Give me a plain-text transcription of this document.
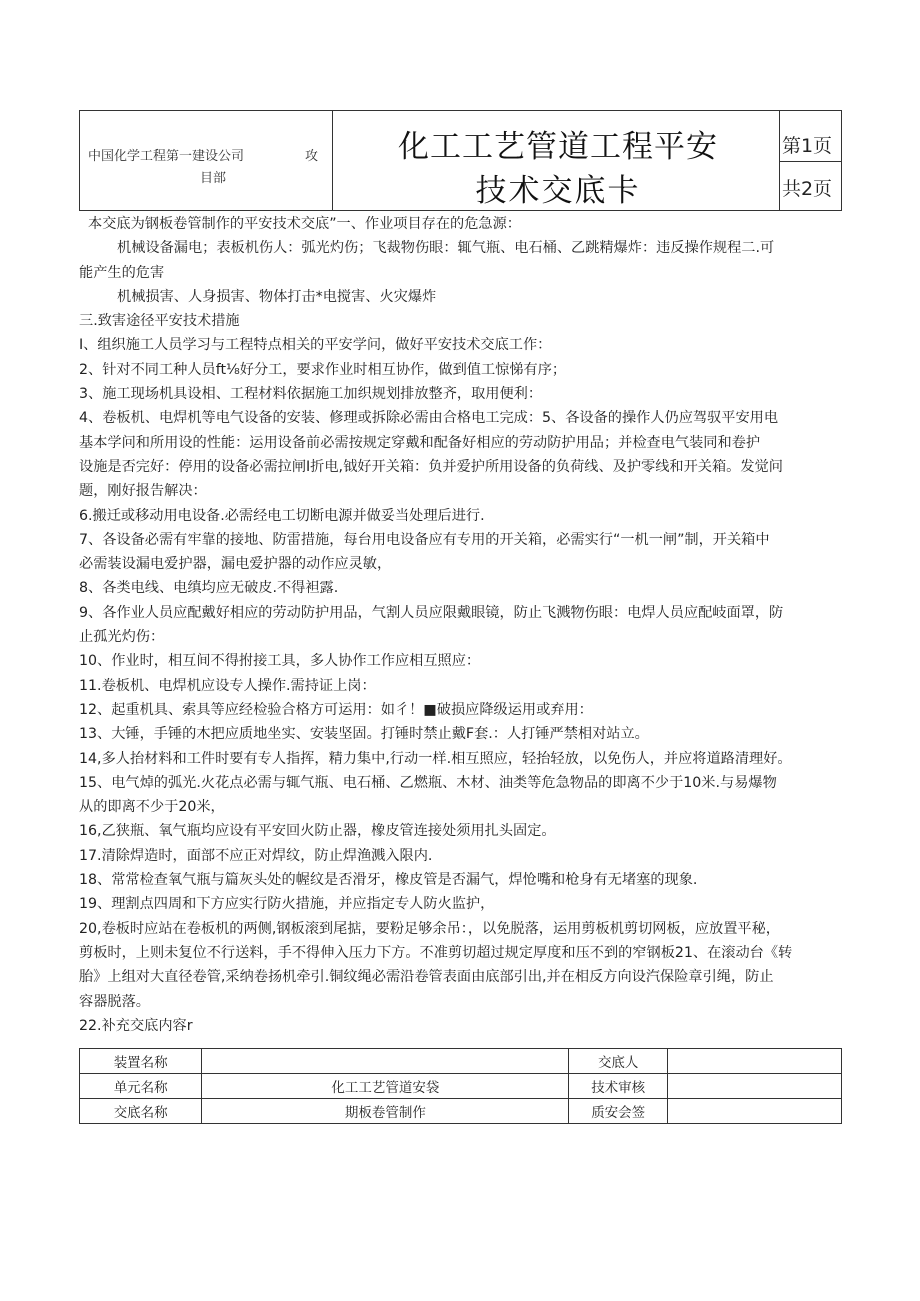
中国化学工程第一建设公司	攻
目部
化工工艺管道工程平安
技术交底卡
第1页
共2页

本交底为钢板卷管制作的平安技术交底”一、作业项目存在的危急源：

机械设备漏电；表板机伤人：弧光灼伤；飞裁物伤眼：辄气瓶、电石桶、乙跳精爆炸：违反操作规程二.可

能产生的危害

机械损害、人身损害、物体打击*电搅害、火灾爆炸

三.致害途径平安技术措施

I、组织施工人员学习与工程特点相关的平安学问，做好平安技术交底工作：

2、针对不同工种人员ft⅛好分工，要求作业时相互协作，做到值工惊悌有序；

3、施工现场机具设相、工程材料依据施工加织规划排放整齐，取用便利：

4、卷板机、电焊机等电气设备的安装、修理或拆除必需由合格电工完成：5、各设备的操作人仍应驾驭平安用电

基本学问和所用设的性能：运用设备前必需按规定穿戴和配备好相应的劳动防护用品；并检查电气装同和卷护

设施是否完好：停用的设备必需拉闸I折电,钺好开关箱：负并爱护所用设备的负荷线、及护零线和开关箱。发觉问

题，刚好报告解决：

6.搬迁或移动用电设备.必需经电工切断电源并做妥当处理后进行.

7、各设备必需有牢靠的接地、防雷措施，每台用电设备应有专用的开关箱，必需实行“一机一闸”制，开关箱中

必需装设漏电爱护器，漏电爱护器的动作应灵敏，

8、各类电线、电缜均应无破皮.不得袒露.

9、各作业人员应配戴好相应的劳动防护用品，气割人员应限戴眼镜，防止飞溅物伤眼：电焊人员应配岐面罩，防

止孤光灼伤：

10、作业时，相互间不得拊接工具，多人协作工作应相互照应：

11.卷板机、电焊机应设专人操作.需持证上岗：

12、起重机具、索具等应经检验合格方可运用：如彳！■破损应降级运用或弃用：

13、大锤，手锤的木把应质地坐实、安装坚固。打锤时禁止戴F套.：人打锤严禁相对站立。

14,多人抬材料和工件时要有专人指挥，精力集中,行动一样.相互照应，轻抬轻放，以免伤人，并应将道路清理好。

15、电气焯的弧光.火花点必需与辄气瓶、电石桶、乙燃瓶、木材、油类等危急物品的即离不少于10米.与易爆物

从的即离不少于20米，

16,乙狭瓶、氧气瓶均应设有平安回火防止器，橡皮管连接处须用扎头固定。

17.清除焊造时，面部不应正对焊纹，防止焊渔溅入限内.

18、常常检查氧气瓶与篇灰头处的幄纹是否滑牙，橡皮管是否漏气，焊怆嘴和枪身有无堵塞的现象.

19、理割点四周和下方应实行防火措施，并应指定专人防火监护，

20,卷板时应站在卷板机的两侧,钢板滚到尾掂，要粉足够余吊：，以免脱落，运用剪板机剪切网板，应放置平秘，

剪板时，上则未复位不行送料，手不得伸入压力下方。不准剪切超过规定厚度和压不到的窄钢板21、在滚动台《转

胎》上组对大直径卷管,采纳卷扬机牵引.铜纹绳必需沿卷管表面由底部引出,并在相反方向设汽保险章引绳，防止

容器脱落。

22.补充交底内容r

装置名称		交底人	
单元名称	化工工艺管道安袋	技术审核	
交底名称	期板卷管制作	质安会签	
